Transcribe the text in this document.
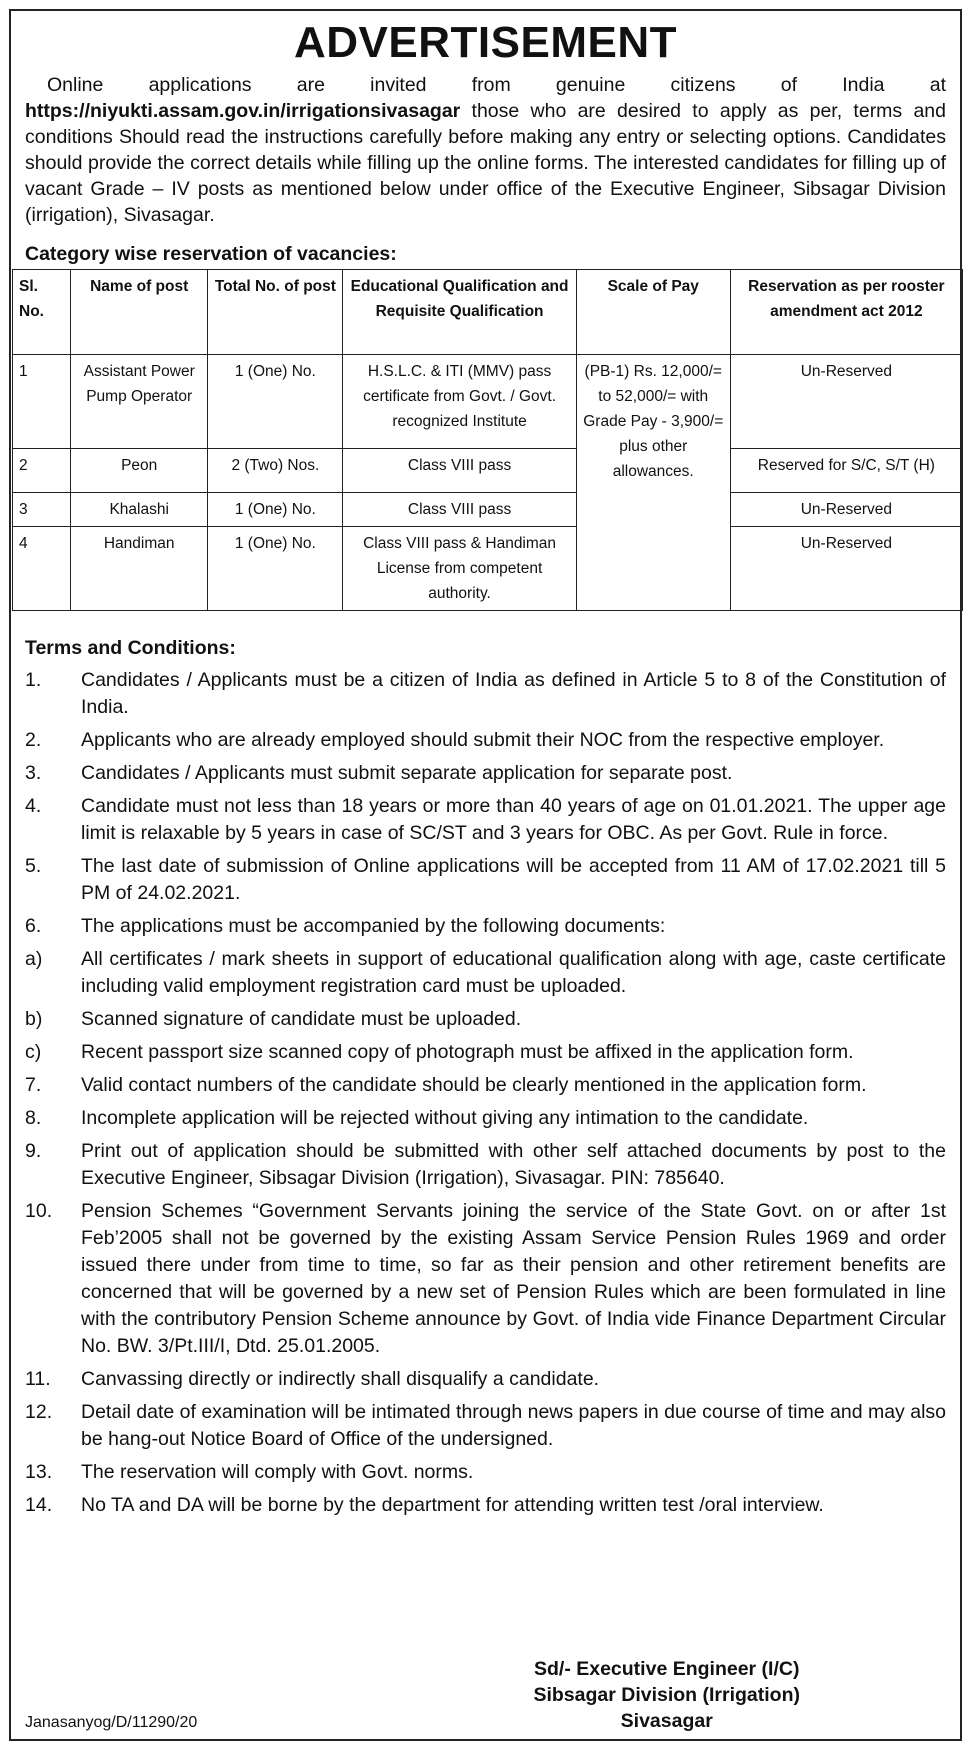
ADVERTISEMENT
Online applications are invited from genuine citizens of India at https://niyukti.assam.gov.in/irrigationsivasagar those who are desired to apply as per, terms and conditions Should read the instructions carefully before making any entry or selecting options. Candidates should provide the correct details while filling up the online forms. The interested candidates for filling up of vacant Grade – IV posts as mentioned below under office of the Executive Engineer, Sibsagar Division (irrigation), Sivasagar.
Category wise reservation of vacancies:
Sl. No.	Name of post	Total No. of post	Educational Qualification and Requisite Qualification	Scale of Pay	Reservation as per rooster amendment act 2012
1	Assistant Power Pump Operator	1 (One) No.	H.S.L.C. & ITI (MMV) pass certificate from Govt. / Govt. recognized Institute	(PB-1) Rs. 12,000/= to 52,000/= with Grade Pay - 3,900/= plus other allowances.	Un-Reserved
2	Peon	2 (Two) Nos.	Class VIII pass		Reserved for S/C, S/T (H)
3	Khalashi	1 (One) No.	Class VIII pass		Un-Reserved
4	Handiman	1 (One) No.	Class VIII pass & Handiman License from competent authority.		Un-Reserved
Terms and Conditions:
1.	Candidates / Applicants must be a citizen of India as defined in Article 5 to 8 of the Constitution of India.
2.	Applicants who are already employed should submit their NOC from the respective employer.
3.	Candidates / Applicants must submit separate application for separate post.
4.	Candidate must not less than 18 years or more than 40 years of age on 01.01.2021. The upper age limit is relaxable by 5 years in case of SC/ST and 3 years for OBC. As per Govt. Rule in force.
5.	The last date of submission of Online applications will be accepted from 11 AM of 17.02.2021 till 5 PM of 24.02.2021.
6.	The applications must be accompanied by the following documents:
a)	All certificates / mark sheets in support of educational qualification along with age, caste certificate including valid employment registration card must be uploaded.
b)	Scanned signature of candidate must be uploaded.
c)	Recent passport size scanned copy of photograph must be affixed in the application form.
7.	Valid contact numbers of the candidate should be clearly mentioned in the application form.
8.	Incomplete application will be rejected without giving any intimation to the candidate.
9.	Print out of application should be submitted with other self attached documents by post to the Executive Engineer, Sibsagar Division (Irrigation), Sivasagar. PIN: 785640.
10.	Pension Schemes “Government Servants joining the service of the State Govt. on or after 1st Feb’2005 shall not be governed by the existing Assam Service Pension Rules 1969 and order issued there under from time to time, so far as their pension and other retirement benefits are concerned that will be governed by a new set of Pension Rules which are been formulated in line with the contributory Pension Scheme announce by Govt. of India vide Finance Department Circular No. BW. 3/Pt.III/I, Dtd. 25.01.2005.
11.	Canvassing directly or indirectly shall disqualify a candidate.
12.	Detail date of examination will be intimated through news papers in due course of time and may also be hang-out Notice Board of Office of the undersigned.
13.	The reservation will comply with Govt. norms.
14.	No TA and DA will be borne by the department for attending written test /oral interview.
Sd/- Executive Engineer (I/C)
Sibsagar Division (Irrigation)
Sivasagar
Janasanyog/D/11290/20
